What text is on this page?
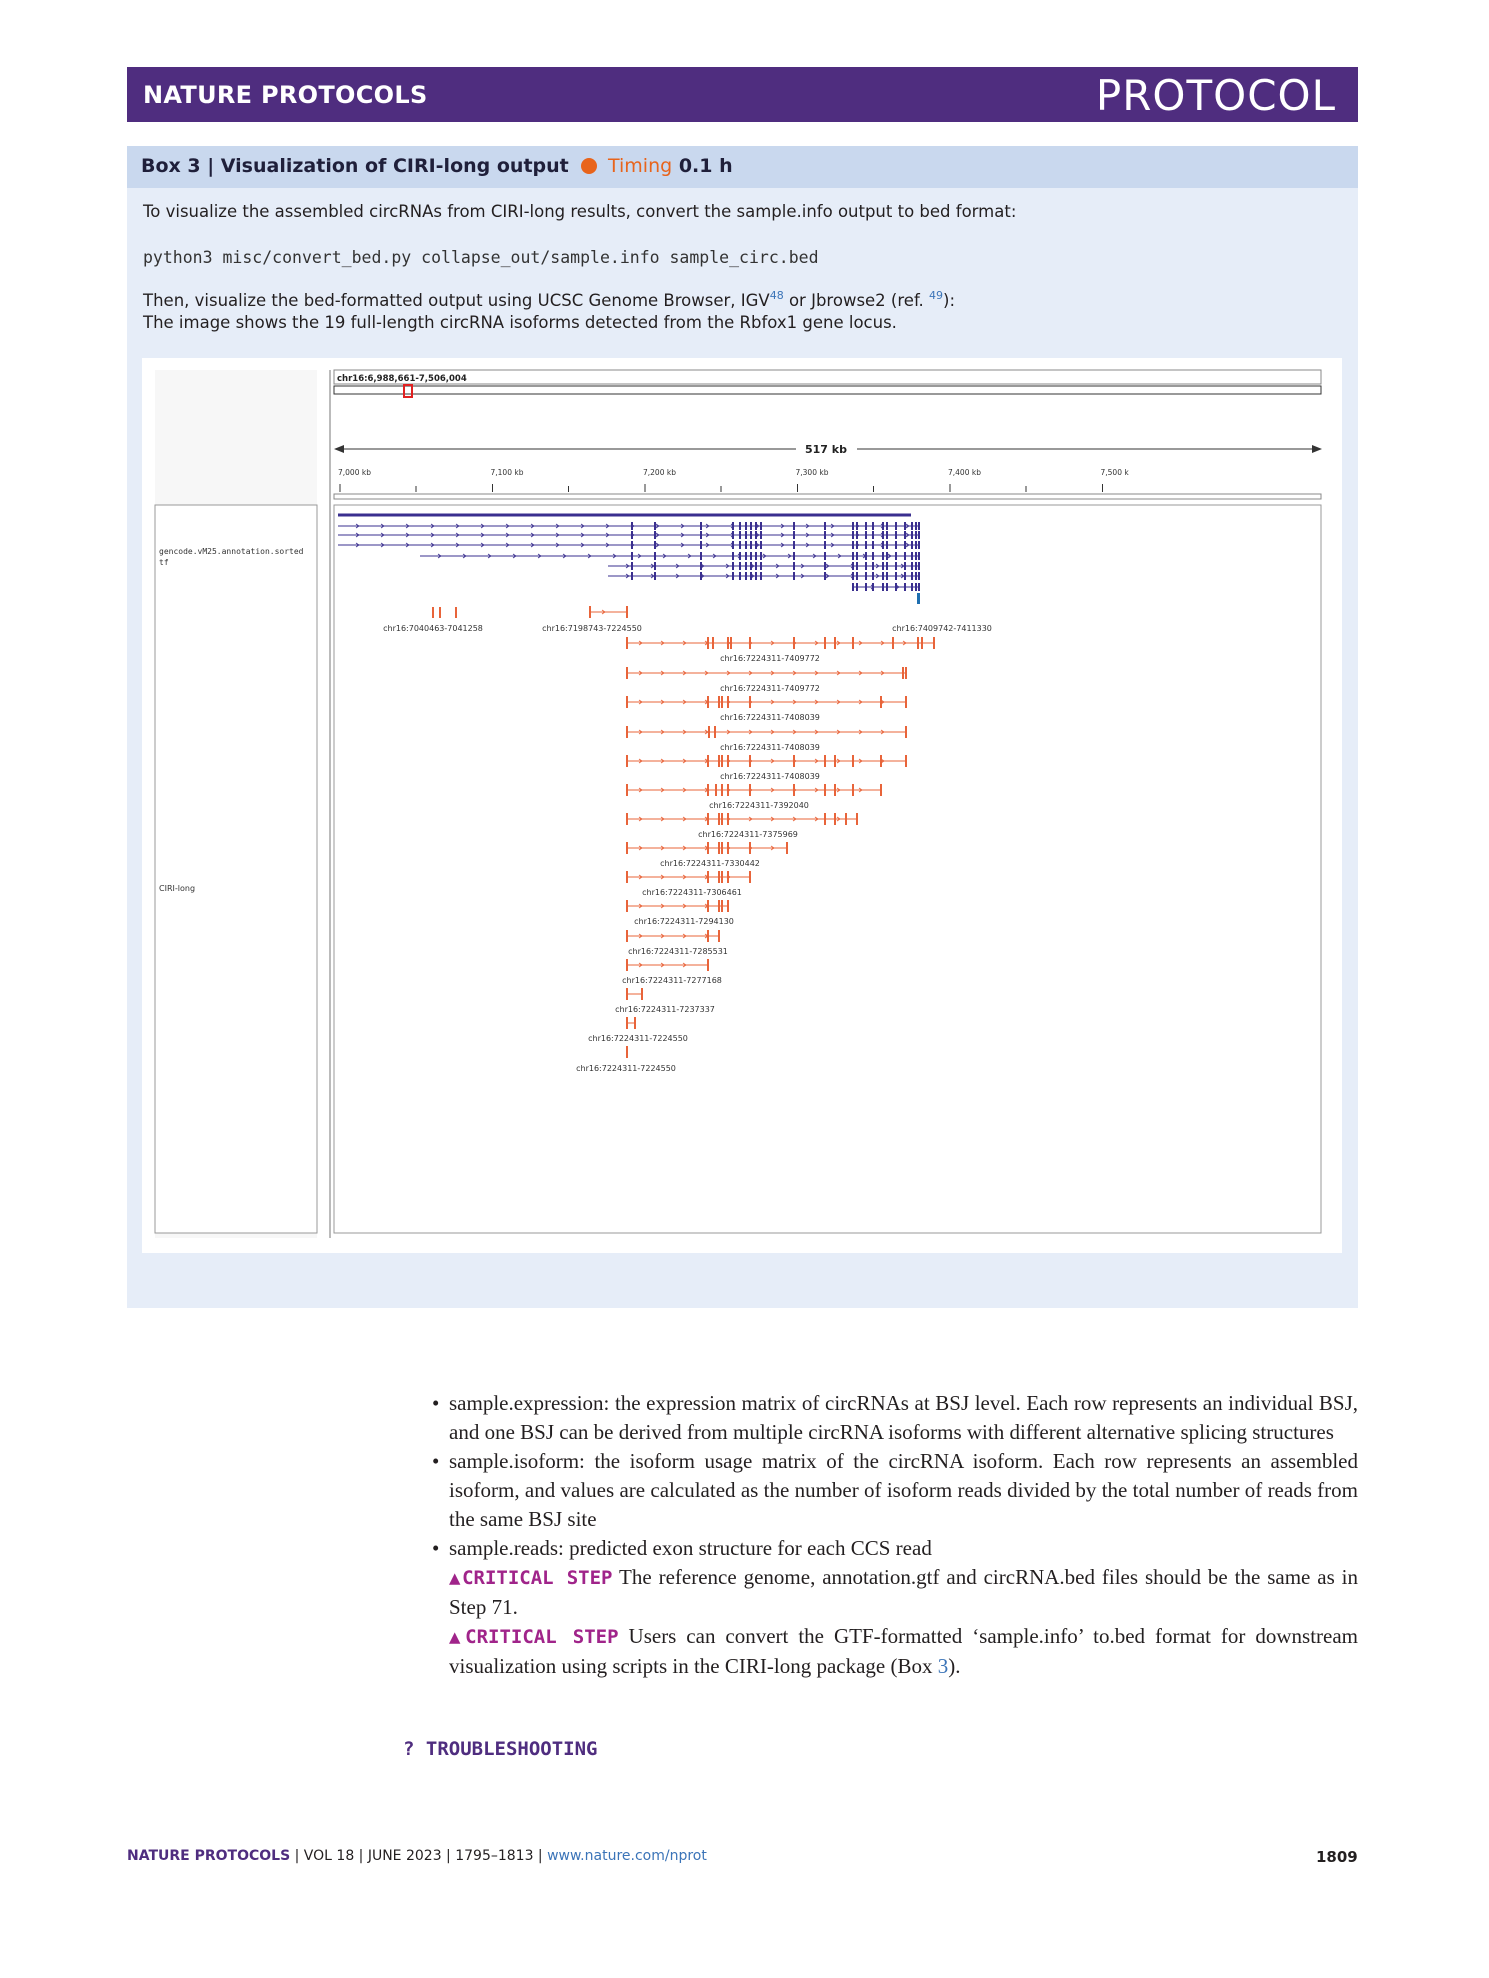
NATURE PROTOCOLS	PROTOCOL
Box 3 | Visualization of CIRI-long output Timing 0.1 h
To visualize the assembled circRNAs from CIRI-long results, convert the sample.info output to bed format:
python3 misc/convert_bed.py collapse_out/sample.info sample_circ.bed
Then, visualize the bed-formatted output using UCSC Genome Browser, IGV$^{48}$ or Jbrowse2 (ref. $^{49}$):
The image shows the 19 full-length circRNA isoforms detected from the Rbfox1 gene locus.
chr16:6,988,661-7,506,004
517 kb
7,000 kb	7,100 kb	7,200 kb	7,300 kb	7,400 kb	7,500 k
gencode.vM25.annotation.sorted
tf
CIRI-long
chr16:7040463-7041258	chr16:7198743-7224550	chr16:7409742-7411330
chr16:7224311-7409772
chr16:7224311-7409772
chr16:7224311-7408039
chr16:7224311-7408039
chr16:7224311-7408039
chr16:7224311-7392040
chr16:7224311-7375969
chr16:7224311-7330442
chr16:7224311-7306461
chr16:7224311-7294130
chr16:7224311-7285531
chr16:7224311-7277168
chr16:7224311-7237337
chr16:7224311-7224550
chr16:7224311-7224550
• sample.expression: the expression matrix of circRNAs at BSJ level. Each row represents an individual BSJ, and one BSJ can be derived from multiple circRNA isoforms with different alternative splicing structures
• sample.isoform: the isoform usage matrix of the circRNA isoform. Each row represents an assembled isoform, and values are calculated as the number of isoform reads divided by the total number of reads from the same BSJ site
• sample.reads: predicted exon structure for each CCS read
▲CRITICAL STEP The reference genome, annotation.gtf and circRNA.bed files should be the same as in Step 71.
▲CRITICAL STEP Users can convert the GTF-formatted ‘sample.info’ to.bed format for downstream visualization using scripts in the CIRI-long package (Box 3).
? TROUBLESHOOTING
NATURE PROTOCOLS | VOL 18 | JUNE 2023 | 1795–1813 | www.nature.com/nprot	1809
